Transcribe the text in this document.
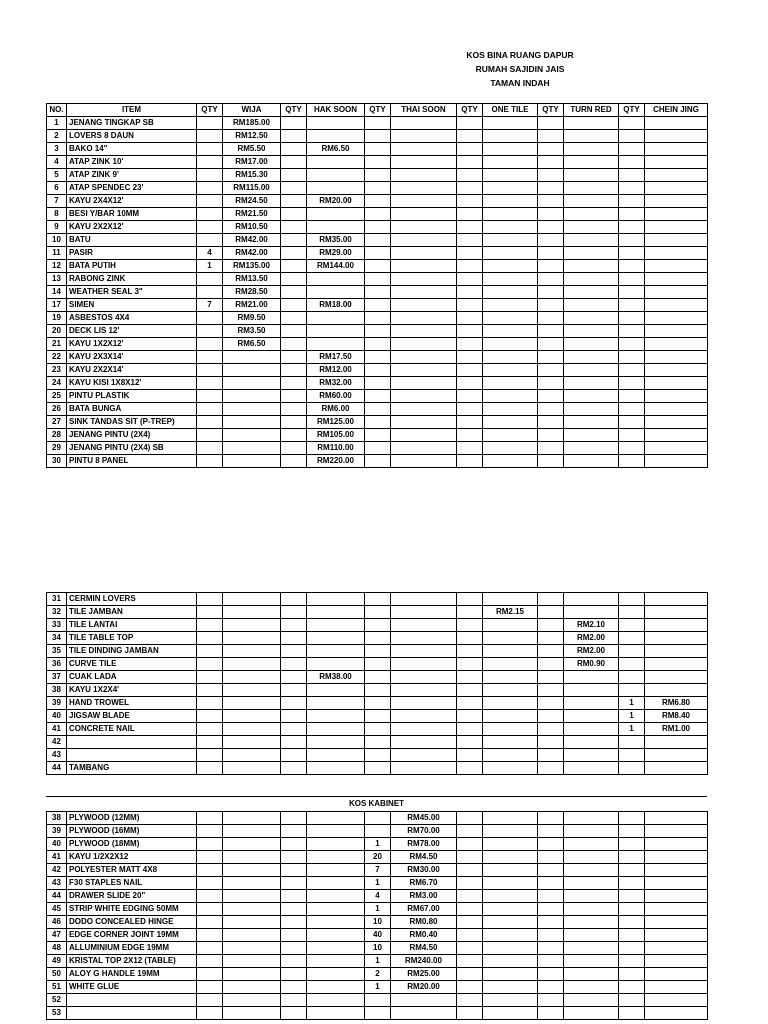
KOS BINA RUANG DAPUR
RUMAH SAJIDIN JAIS
TAMAN INDAH
NO.	ITEM	QTY	WIJA	QTY	HAK SOON	QTY	THAI SOON	QTY	ONE TILE	QTY	TURN RED	QTY	CHEIN JING
1	JENANG TINGKAP SB		RM185.00										
2	LOVERS 8 DAUN		RM12.50										
3	BAKO 14"		RM5.50		RM6.50								
4	ATAP ZINK 10'		RM17.00										
5	ATAP ZINK 9'		RM15.30										
6	ATAP SPENDEC 23'		RM115.00										
7	KAYU 2X4X12'		RM24.50		RM20.00								
8	BESI Y/BAR 10MM		RM21.50										
9	KAYU 2X2X12'		RM10.50										
10	BATU		RM42.00		RM35.00								
11	PASIR	4	RM42.00		RM29.00								
12	BATA PUTIH	1	RM135.00		RM144.00								
13	RABONG ZINK		RM13.50										
14	WEATHER SEAL 3"		RM28.50										
17	SIMEN	7	RM21.00		RM18.00								
19	ASBESTOS 4X4		RM9.50										
20	DECK LIS 12'		RM3.50										
21	KAYU 1X2X12'		RM6.50										
22	KAYU 2X3X14'				RM17.50								
23	KAYU 2X2X14'				RM12.00								
24	KAYU KISI 1X8X12'				RM32.00								
25	PINTU PLASTIK				RM60.00								
26	BATA BUNGA				RM6.00								
27	SINK TANDAS SIT (P-TREP)				RM125.00								
28	JENANG PINTU (2X4)				RM105.00								
29	JENANG PINTU (2X4) SB				RM110.00								
30	PINTU 8 PANEL				RM220.00								
31	CERMIN LOVERS												
32	TILE JAMBAN								RM2.15				
33	TILE LANTAI										RM2.10		
34	TILE TABLE TOP										RM2.00		
35	TILE DINDING JAMBAN										RM2.00		
36	CURVE TILE										RM0.90		
37	CUAK LADA				RM38.00								
38	KAYU 1X2X4'												
39	HAND TROWEL											1	RM6.80
40	JIGSAW BLADE											1	RM8.40
41	CONCRETE NAIL											1	RM1.00
42													
43													
44	TAMBANG												
KOS KABINET
38	PLYWOOD (12MM)						RM45.00						
39	PLYWOOD (16MM)						RM70.00						
40	PLYWOOD (18MM)					1	RM78.00						
41	KAYU 1/2X2X12					20	RM4.50						
42	POLYESTER MATT 4X8					7	RM30.00						
43	F30 STAPLES NAIL					1	RM6.70						
44	DRAWER SLIDE 20"					4	RM3.00						
45	STRIP WHITE EDGING 50MM					1	RM67.00						
46	DODO CONCEALED HINGE					10	RM0.80						
47	EDGE CORNER JOINT 19MM					40	RM0.40						
48	ALLUMINIUM EDGE 19MM					10	RM4.50						
49	KRISTAL TOP 2X12 (TABLE)					1	RM240.00						
50	ALOY G HANDLE 19MM					2	RM25.00						
51	WHITE GLUE					1	RM20.00						
52													
53													
